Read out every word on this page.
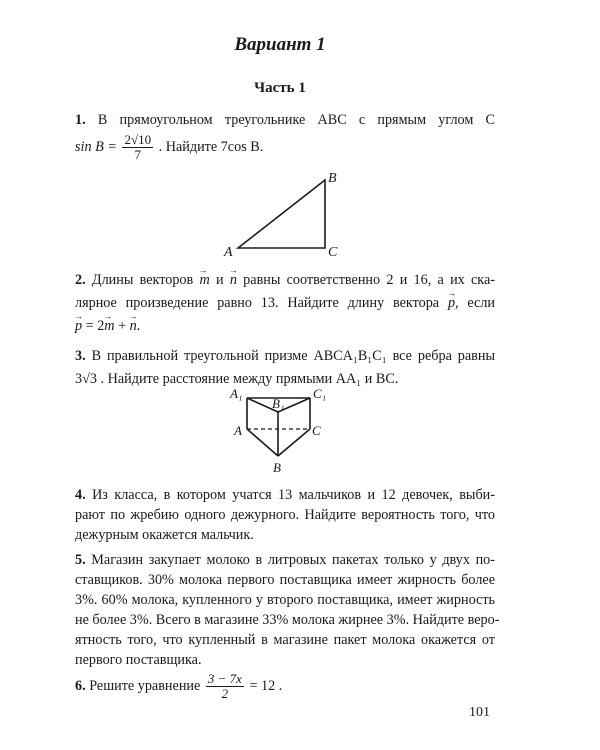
Вариант 1
Часть 1
1. В прямоугольном треугольнике ABC с прямым углом C
$\sin B = \frac{2√10}{7}$ . Найдите 7cos B.
A
B
C
2. Длины векторов → m и → n равны соответственно 2 и 16, а их ска-
лярное произведение равно 13. Найдите длину вектора → p, если
→ p = 2→ m + → n.
3. В правильной треугольной призме ABCA₁B₁C₁ все ребра равны
3√3 . Найдите расстояние между прямыми AA₁ и BC.
A₁
B₁
C₁
A	C
B
4. Из класса, в котором учатся 13 мальчиков и 12 девочек, выби-
рают по жребию одного дежурного. Найдите вероятность того, что
дежурным окажется мальчик.
5. Магазин закупает молоко в литровых пакетах только у двух по-
ставщиков. 30% молока первого поставщика имеет жирность более
3%. 60% молока, купленного у второго поставщика, имеет жирность
не более 3%. Всего в магазине 33% молока жирнее 3%. Найдите веро-
ятность того, что купленный в магазине пакет молока окажется от
первого поставщика.
6. Решите уравнение $\frac{3 - 7x}{2} = 12$ .
101
